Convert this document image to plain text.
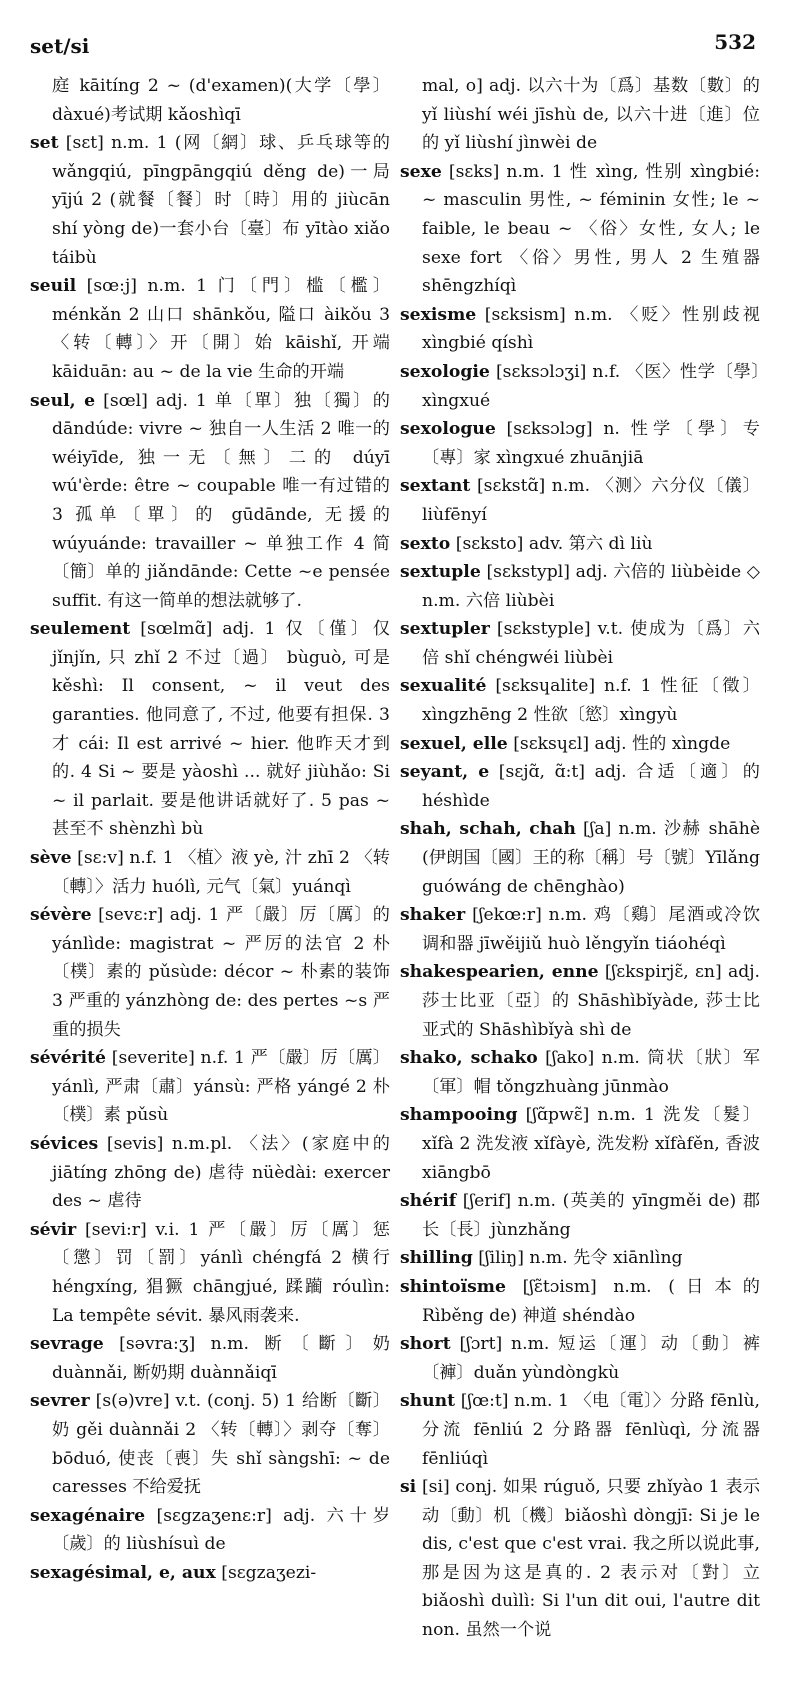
set/si	532

庭 kāitíng 2 ~ (d'examen)(大学〔學〕dàxué)考试期 kǎoshìqī

set [sɛt] n.m. 1 (网〔網〕球、乒乓球等的 wǎngqiú, pīngpāngqiú děng de)一局 yījú 2 (就餐〔餐〕时〔時〕用的 jiùcān shí yòng de)一套小台〔臺〕布 yītào xiǎo táibù

seuil [sœ:j] n.m. 1 门〔門〕槛〔檻〕ménkǎn 2 山口 shānkǒu, 隘口 àikǒu 3 〈转〔轉〕〉开〔開〕始 kāishǐ, 开端 kāiduān: au ~ de la vie 生命的开端

seul, e [sœl] adj. 1 单〔單〕独〔獨〕的 dāndúde: vivre ~ 独自一人生活 2 唯一的 wéiyīde, 独一无〔無〕二的 dúyī wú'èrde: être ~ coupable 唯一有过错的 3 孤单〔單〕的 gūdānde, 无援的 wúyuánde: travailler ~ 单独工作 4 简〔簡〕单的 jiǎndānde: Cette ~e pensée suffit. 有这一简单的想法就够了.

seulement [sœlmɑ̃] adj. 1 仅〔僅〕仅 jǐnjǐn, 只 zhǐ 2 不过〔過〕 bùguò, 可是 kěshì: Il consent, ~ il veut des garanties. 他同意了, 不过, 他要有担保. 3 才 cái: Il est arrivé ~ hier. 他昨天才到的. 4 Si ~ 要是 yàoshì ... 就好 jiùhǎo: Si ~ il parlait. 要是他讲话就好了. 5 pas ~ 甚至不 shènzhì bù

sève [sɛ:v] n.f. 1 〈植〉液 yè, 汁 zhī 2 〈转〔轉〕〉活力 huólì, 元气〔氣〕yuánqì

sévère [sevɛ:r] adj. 1 严〔嚴〕厉〔厲〕的 yánlìde: magistrat ~ 严厉的法官 2 朴〔樸〕素的 pǔsùde: décor ~ 朴素的装饰 3 严重的 yánzhòng de: des pertes ~s 严重的损失

sévérité [severite] n.f. 1 严〔嚴〕厉〔厲〕yánlì, 严肃〔肅〕yánsù: 严格 yángé 2 朴〔樸〕素 pǔsù

sévices [sevis] n.m.pl. 〈法〉(家庭中的 jiātíng zhōng de) 虐待 nüèdài: exercer des ~ 虐待

sévir [sevi:r] v.i. 1 严〔嚴〕厉〔厲〕惩〔懲〕罚〔罰〕yánlì chéngfá 2 横行 héngxíng, 猖獗 chāngjué, 蹂躏 róulìn: La tempête sévit. 暴风雨袭来.

sevrage [səvra:ʒ] n.m. 断〔斷〕奶 duànnǎi, 断奶期 duànnǎiqī

sevrer [s(ə)vre] v.t. (conj. 5) 1 给断〔斷〕奶 gěi duànnǎi 2 〈转〔轉〕〉剥夺〔奪〕bōduó, 使丧〔喪〕失 shǐ sàngshī: ~ de caresses 不给爱抚

sexagénaire [sɛgzaʒenɛ:r] adj. 六十岁〔歲〕的 liùshísuì de

sexagésimal, e, aux [sɛgzaʒezi-

mal, o] adj. 以六十为〔爲〕基数〔數〕的 yǐ liùshí wéi jīshù de, 以六十进〔進〕位的 yǐ liùshí jìnwèi de

sexe [sɛks] n.m. 1 性 xìng, 性别 xìngbié: ~ masculin 男性, ~ féminin 女性; le ~ faible, le beau ~ 〈俗〉女性, 女人; le sexe fort 〈俗〉男性, 男人 2 生殖器 shēngzhíqì

sexisme [sɛksism] n.m. 〈贬〉性别歧视 xìngbié qíshì

sexologie [sɛksɔlɔʒi] n.f. 〈医〉性学〔學〕xìngxué

sexologue [sɛksɔlɔg] n. 性学〔學〕专〔專〕家 xìngxué zhuānjiā

sextant [sɛkstɑ̃] n.m. 〈测〉六分仪〔儀〕liùfēnyí

sexto [sɛksto] adv. 第六 dì liù

sextuple [sɛkstypl] adj. 六倍的 liùbèide ◇ n.m. 六倍 liùbèi

sextupler [sɛkstyple] v.t. 使成为〔爲〕六倍 shǐ chéngwéi liùbèi

sexualité [sɛksɥalite] n.f. 1 性征〔徵〕xìngzhēng 2 性欲〔慾〕xìngyù

sexuel, elle [sɛksɥɛl] adj. 性的 xìngde

seyant, e [sɛjɑ̃, ɑ̃:t] adj. 合适〔適〕的 héshìde

shah, schah, chah [ʃa] n.m. 沙赫 shāhè (伊朗国〔國〕王的称〔稱〕号〔號〕Yīlǎng guówáng de chēnghào)

shaker [ʃekœ:r] n.m. 鸡〔鷄〕尾酒或冷饮调和器 jīwěijiǔ huò lěngyǐn tiáohéqì

shakespearien, enne [ʃɛkspirjɛ̃, ɛn] adj. 莎士比亚〔亞〕的 Shāshìbǐyàde, 莎士比亚式的 Shāshìbǐyà shì de

shako, schako [ʃako] n.m. 筒状〔狀〕军〔軍〕帽 tǒngzhuàng jūnmào

shampooing [ʃɑ̃pwɛ̃] n.m. 1 洗发〔髮〕xǐfà 2 洗发液 xǐfàyè, 洗发粉 xǐfàfěn, 香波 xiāngbō

shérif [ʃerif] n.m. (英美的 yīngměi de) 郡长〔長〕jùnzhǎng

shilling [ʃiliŋ] n.m. 先令 xiānlìng

shintoïsme [ʃɛ̃tɔism] n.m. (日本的 Rìběng de) 神道 shéndào

short [ʃɔrt] n.m. 短运〔運〕动〔動〕裤〔褲〕duǎn yùndòngkù

shunt [ʃœ:t] n.m. 1 〈电〔電〕〉分路 fēnlù, 分流 fēnliú 2 分路器 fēnlùqì, 分流器 fēnliúqì

si [si] conj. 如果 rúguǒ, 只要 zhǐyào 1 表示动〔動〕机〔機〕biǎoshì dòngjī: Si je le dis, c'est que c'est vrai. 我之所以说此事, 那是因为这是真的. 2 表示对〔對〕立 biǎoshì duìlì: Si l'un dit oui, l'autre dit non. 虽然一个说
